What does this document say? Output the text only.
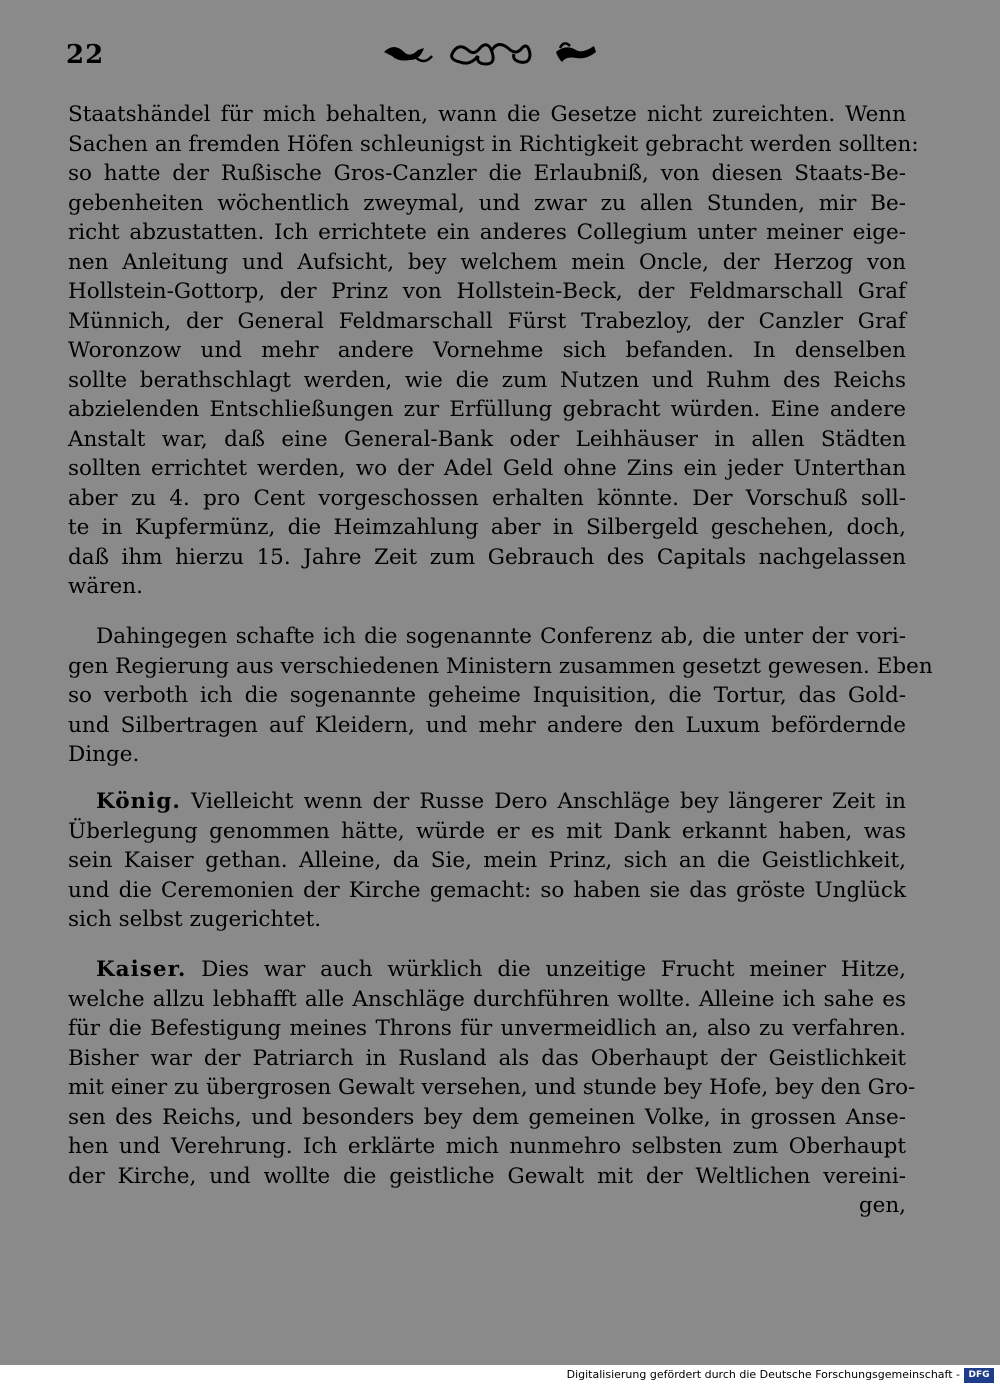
22
Staatshändel für mich behalten, wann die Gesetze nicht zureichten. Wenn
Sachen an fremden Höfen schleunigst in Richtigkeit gebracht werden sollten:
so hatte der Rußische Gros-Canzler die Erlaubniß, von diesen Staats-Be-
gebenheiten wöchentlich zweymal, und zwar zu allen Stunden, mir Be-
richt abzustatten. Ich errichtete ein anderes Collegium unter meiner eige-
nen Anleitung und Aufsicht, bey welchem mein Oncle, der Herzog von
Hollstein-Gottorp, der Prinz von Hollstein-Beck, der Feldmarschall Graf
Münnich, der General Feldmarschall Fürst Trabezloy, der Canzler Graf
Woronzow und mehr andere Vornehme sich befanden. In denselben
sollte berathschlagt werden, wie die zum Nutzen und Ruhm des Reichs
abzielenden Entschließungen zur Erfüllung gebracht würden. Eine andere
Anstalt war, daß eine General-Bank oder Leihhäuser in allen Städten
sollten errichtet werden, wo der Adel Geld ohne Zins ein jeder Unterthan
aber zu 4. pro Cent vorgeschossen erhalten könnte. Der Vorschuß soll-
te in Kupfermünz, die Heimzahlung aber in Silbergeld geschehen, doch,
daß ihm hierzu 15. Jahre Zeit zum Gebrauch des Capitals nachgelassen
wären.
Dahingegen schafte ich die sogenannte Conferenz ab, die unter der vori-
gen Regierung aus verschiedenen Ministern zusammen gesetzt gewesen. Eben
so verboth ich die sogenannte geheime Inquisition, die Tortur, das Gold-
und Silbertragen auf Kleidern, und mehr andere den Luxum befördernde
Dinge.
König. Vielleicht wenn der Russe Dero Anschläge bey längerer Zeit in
Überlegung genommen hätte, würde er es mit Dank erkannt haben, was
sein Kaiser gethan. Alleine, da Sie, mein Prinz, sich an die Geistlichkeit,
und die Ceremonien der Kirche gemacht: so haben sie das gröste Unglück
sich selbst zugerichtet.
Kaiser. Dies war auch würklich die unzeitige Frucht meiner Hitze,
welche allzu lebhafft alle Anschläge durchführen wollte. Alleine ich sahe es
für die Befestigung meines Throns für unvermeidlich an, also zu verfahren.
Bisher war der Patriarch in Rusland als das Oberhaupt der Geistlichkeit
mit einer zu übergrosen Gewalt versehen, und stunde bey Hofe, bey den Gro-
sen des Reichs, und besonders bey dem gemeinen Volke, in grossen Anse-
hen und Verehrung. Ich erklärte mich nunmehro selbsten zum Oberhaupt
der Kirche, und wollte die geistliche Gewalt mit der Weltlichen vereini-
gen,
Digitalisierung gefördert durch die Deutsche Forschungsgemeinschaft - DFG
